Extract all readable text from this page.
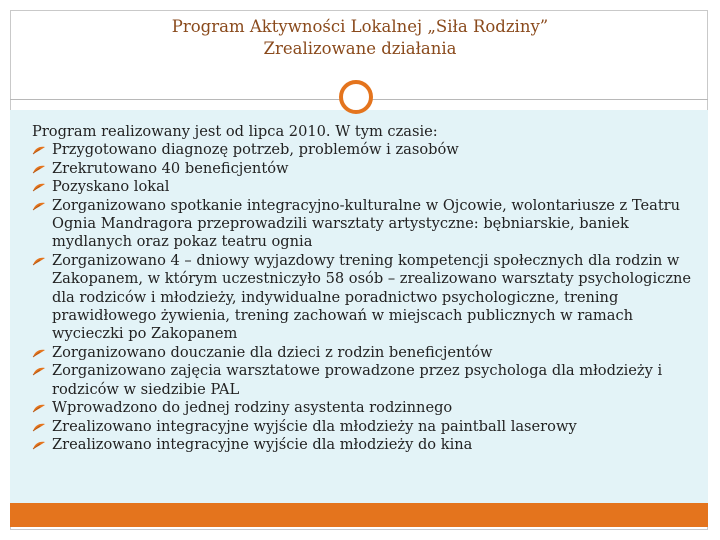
Program Aktywności Lokalnej „Siła Rodziny”
Zrealizowane działania

Program realizowany jest od lipca 2010. W tym czasie:

Przygotowano diagnozę potrzeb, problemów i zasobów
Zrekrutowano 40 beneficjentów
Pozyskano lokal
Zorganizowano spotkanie integracyjno-kulturalne w Ojcowie, wolontariusze z Teatru Ognia Mandragora przeprowadzili warsztaty artystyczne: bębniarskie, baniek mydlanych oraz pokaz teatru ognia
Zorganizowano 4 – dniowy wyjazdowy trening kompetencji społecznych dla rodzin w Zakopanem, w którym uczestniczyło 58 osób – zrealizowano warsztaty psychologiczne dla rodziców i młodzieży, indywidualne poradnictwo psychologiczne, trening prawidłowego żywienia, trening zachowań w miejscach publicznych w ramach wycieczki po Zakopanem
Zorganizowano douczanie dla dzieci z rodzin beneficjentów
Zorganizowano zajęcia warsztatowe prowadzone przez psychologa dla młodzieży i rodziców w siedzibie PAL
Wprowadzono do jednej rodziny asystenta rodzinnego
Zrealizowano integracyjne wyjście dla młodzieży na paintball laserowy
Zrealizowano integracyjne wyjście dla młodzieży do kina
